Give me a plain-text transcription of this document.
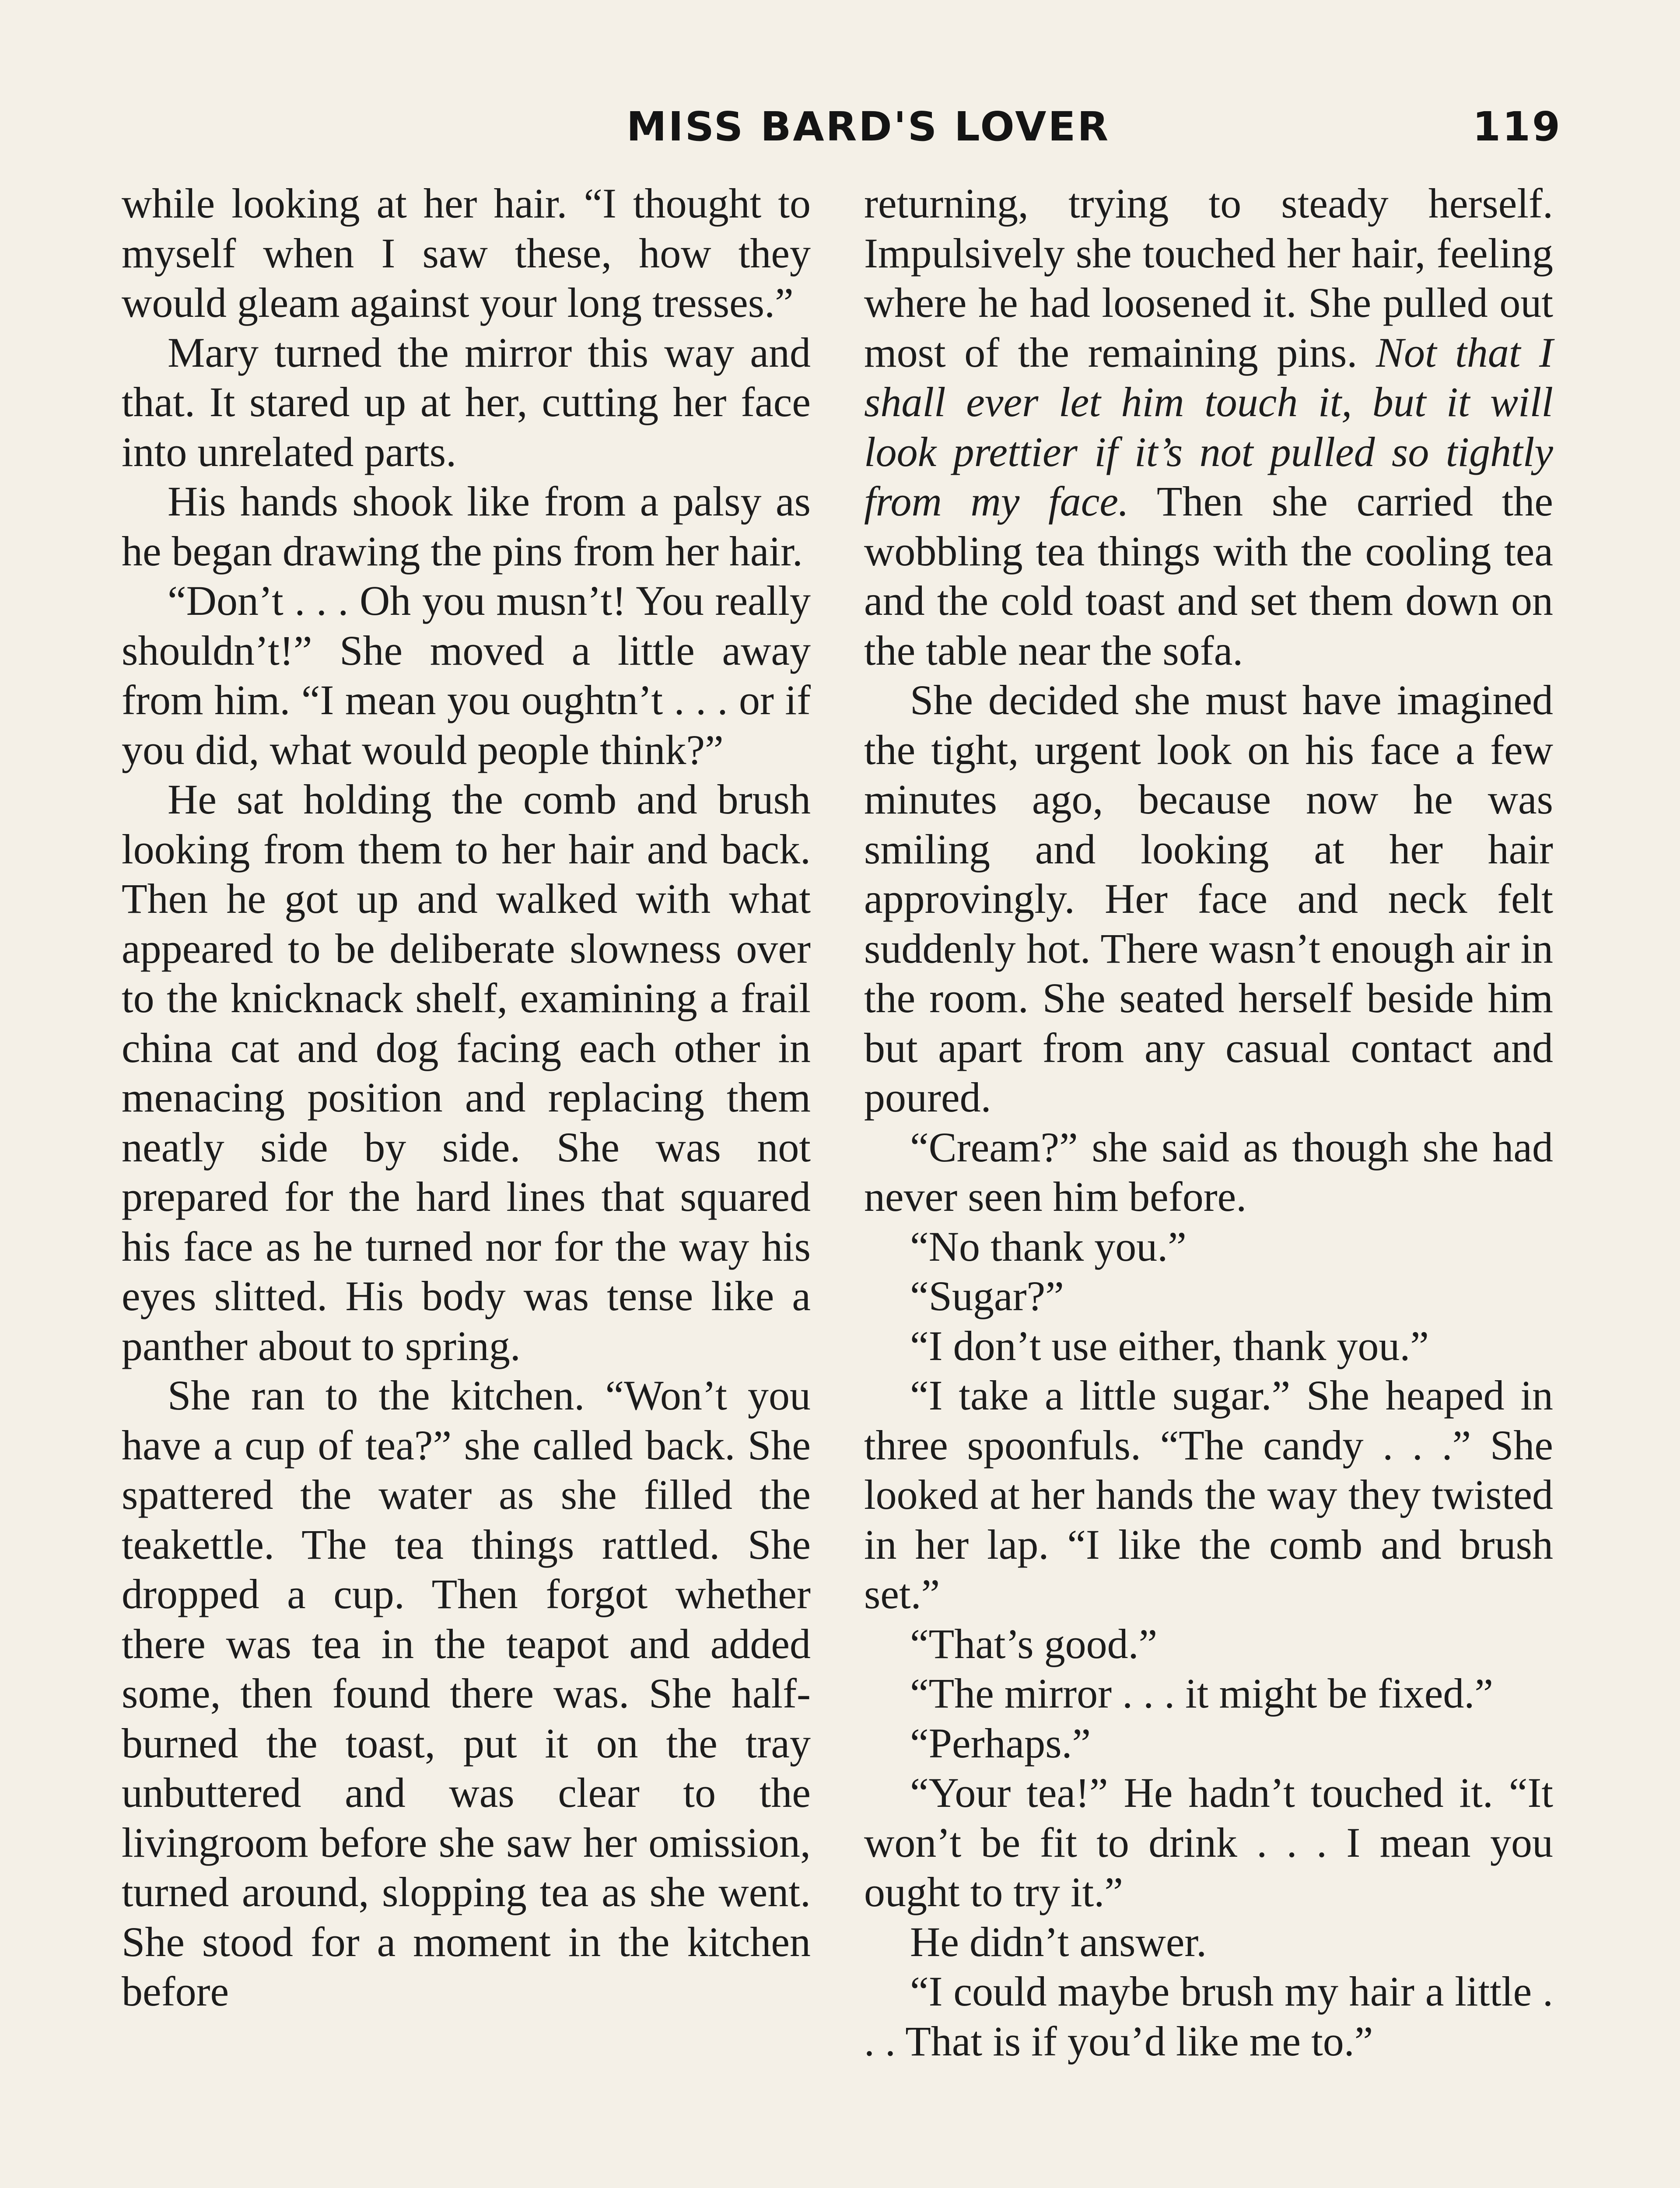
MISS BARD'S LOVER	119

while looking at her hair. “I thought to myself when I saw these, how they would gleam against your long tresses.”

Mary turned the mirror this way and that. It stared up at her, cutting her face into unrelated parts.

His hands shook like from a palsy as he began drawing the pins from her hair.

“Don’t . . . Oh you musn’t! You really shouldn’t!” She moved a little away from him. “I mean you oughtn’t . . . or if you did, what would people think?”

He sat holding the comb and brush looking from them to her hair and back. Then he got up and walked with what appeared to be deliberate slowness over to the knicknack shelf, examining a frail china cat and dog facing each other in menacing position and replacing them neatly side by side. She was not prepared for the hard lines that squared his face as he turned nor for the way his eyes slitted. His body was tense like a panther about to spring.

She ran to the kitchen. “Won’t you have a cup of tea?” she called back. She spattered the water as she filled the teakettle. The tea things rattled. She dropped a cup. Then forgot whether there was tea in the teapot and added some, then found there was. She half-burned the toast, put it on the tray unbuttered and was clear to the livingroom before she saw her omission, turned around, slopping tea as she went. She stood for a moment in the kitchen before

returning, trying to steady herself. Impulsively she touched her hair, feeling where he had loosened it. She pulled out most of the remaining pins. Not that I shall ever let him touch it, but it will look prettier if it’s not pulled so tightly from my face. Then she carried the wobbling tea things with the cooling tea and the cold toast and set them down on the table near the sofa.

She decided she must have imagined the tight, urgent look on his face a few minutes ago, because now he was smiling and looking at her hair approvingly. Her face and neck felt suddenly hot. There wasn’t enough air in the room. She seated herself beside him but apart from any casual contact and poured.

“Cream?” she said as though she had never seen him before.

“No thank you.”

“Sugar?”

“I don’t use either, thank you.”

“I take a little sugar.” She heaped in three spoonfuls. “The candy . . .” She looked at her hands the way they twisted in her lap. “I like the comb and brush set.”

“That’s good.”

“The mirror . . . it might be fixed.”

“Perhaps.”

“Your tea!” He hadn’t touched it. “It won’t be fit to drink . . . I mean you ought to try it.”

He didn’t answer.

“I could maybe brush my hair a little . . . That is if you’d like me to.”
